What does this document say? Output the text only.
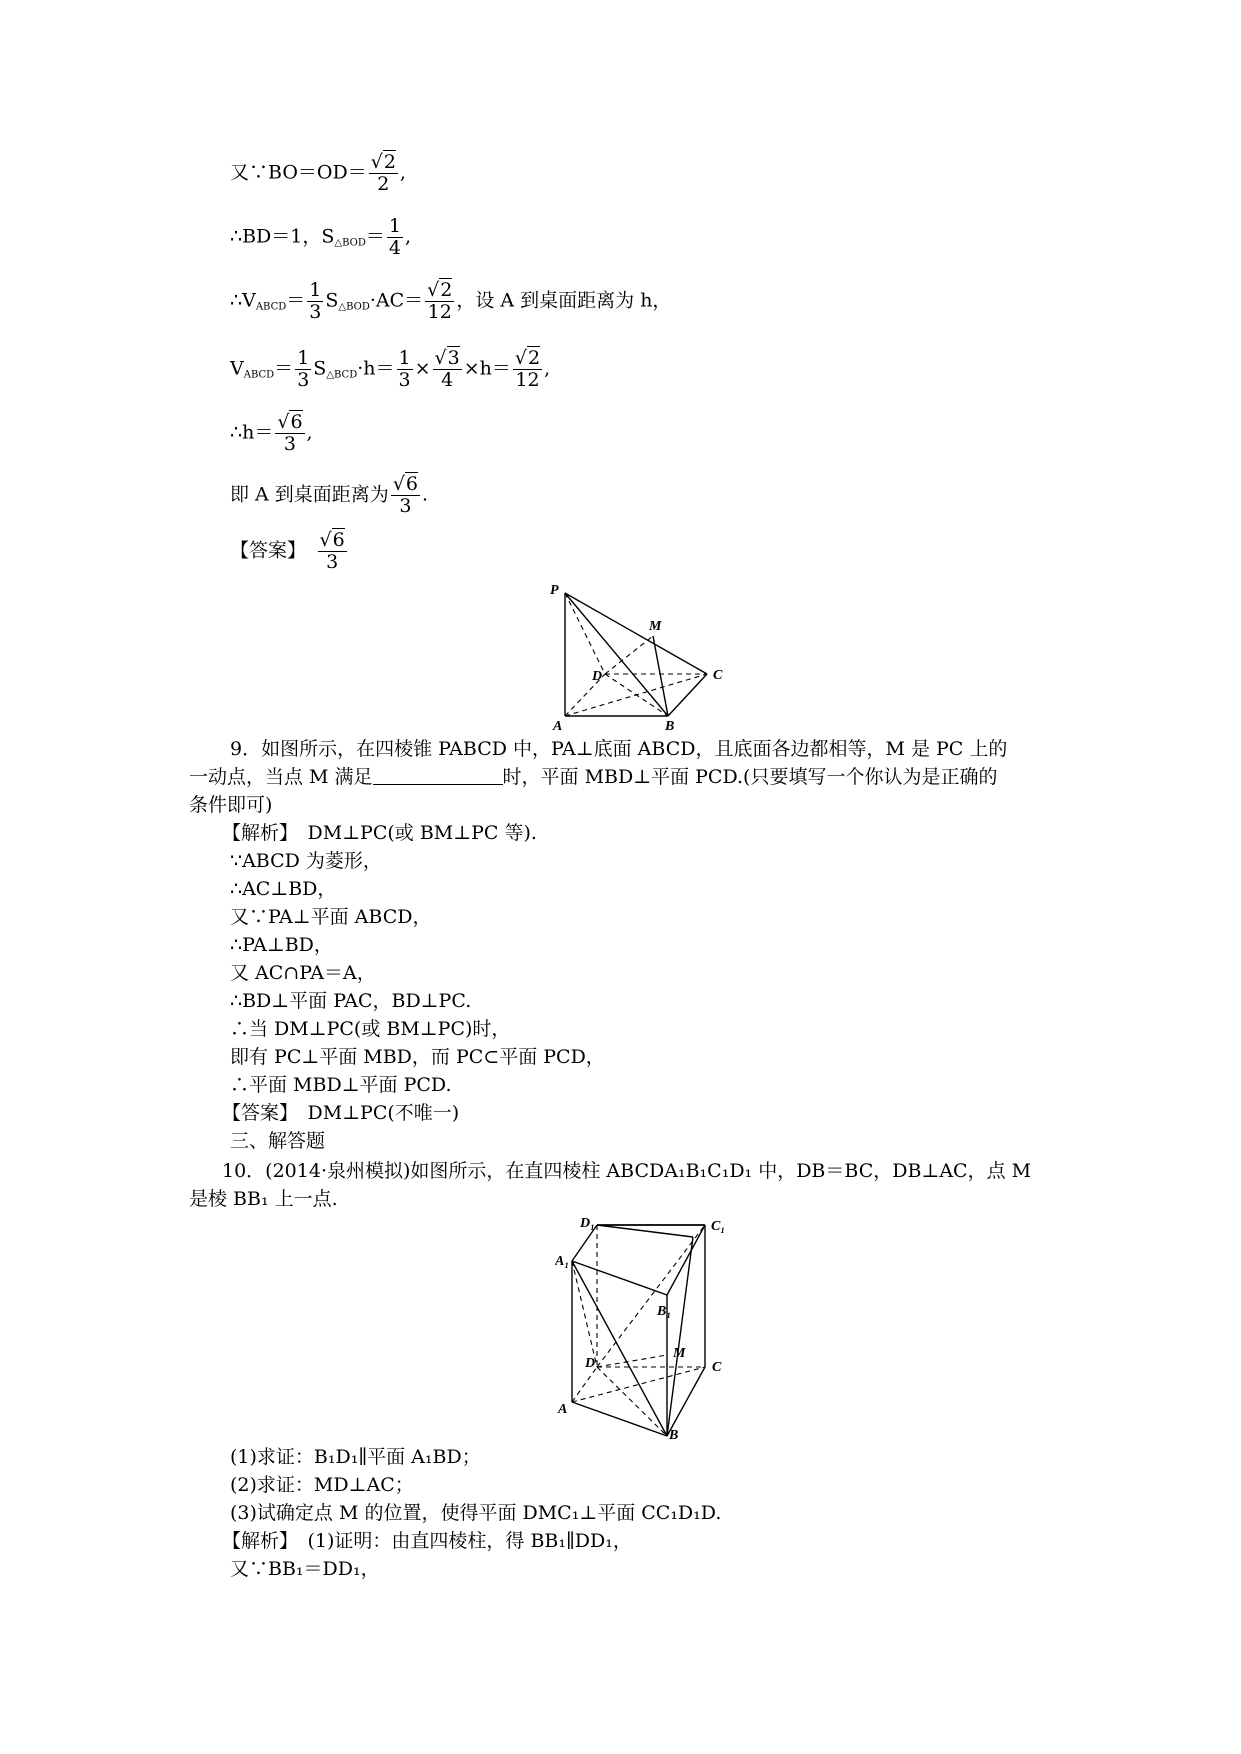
又∵BO＝OD＝ $\frac{√2}{2}$ ,
∴BD＝1，$S_{\triangle BOD}= \frac{1}{4}$ ,
$\therefore V_{ABCD}= \frac{1}{3} S_{\triangle BOD}\cdot AC= \frac{√2}{12}$ ，设 A 到桌面距离为 h，
$V_{ABCD}= \frac{1}{3} S_{\triangle BCD}\cdot h= \frac{1}{3} \times \frac{√3}{4} \times h= \frac{√2}{12}$ ,
∴h＝ $\frac{√6}{3}$ ,
即 A 到桌面距离为 $\frac{√6}{3}$ .
【答案】　 $\frac{√6}{3}$
P
M
D	C
A	B
9．如图所示，在四棱锥 PABCD 中，PA⊥底面 ABCD，且底面各边都相等，M 是 PC 上的
一动点，当点 M 满足	时，平面 MBD⊥平面 PCD.(只要填写一个你认为是正确的
条件即可)
【解析】　DM⊥PC(或 BM⊥PC 等).
∵ABCD 为菱形，
∴AC⊥BD，
又∵PA⊥平面 ABCD，
∴PA⊥BD，
又 AC∩PA＝A，
∴BD⊥平面 PAC，BD⊥PC.
∴当 DM⊥PC(或 BM⊥PC)时，
即有 PC⊥平面 MBD，而 PC⊂平面 PCD，
∴平面 MBD⊥平面 PCD.
【答案】　DM⊥PC(不唯一)
三、解答题
10．(2014·泉州模拟)如图所示，在直四棱柱 ABCDA₁B₁C₁D₁ 中，DB＝BC，DB⊥AC，点 M
是棱 BB₁ 上一点.
D₁	C₁
A₁
B₁
D
M
C
A
B
(1)求证：B₁D₁∥平面 A₁BD；
(2)求证：MD⊥AC；
(3)试确定点 M 的位置，使得平面 DMC₁⊥平面 CC₁D₁D.
【解析】　(1)证明：由直四棱柱，得 BB₁∥DD₁，
又∵BB₁＝DD₁，
